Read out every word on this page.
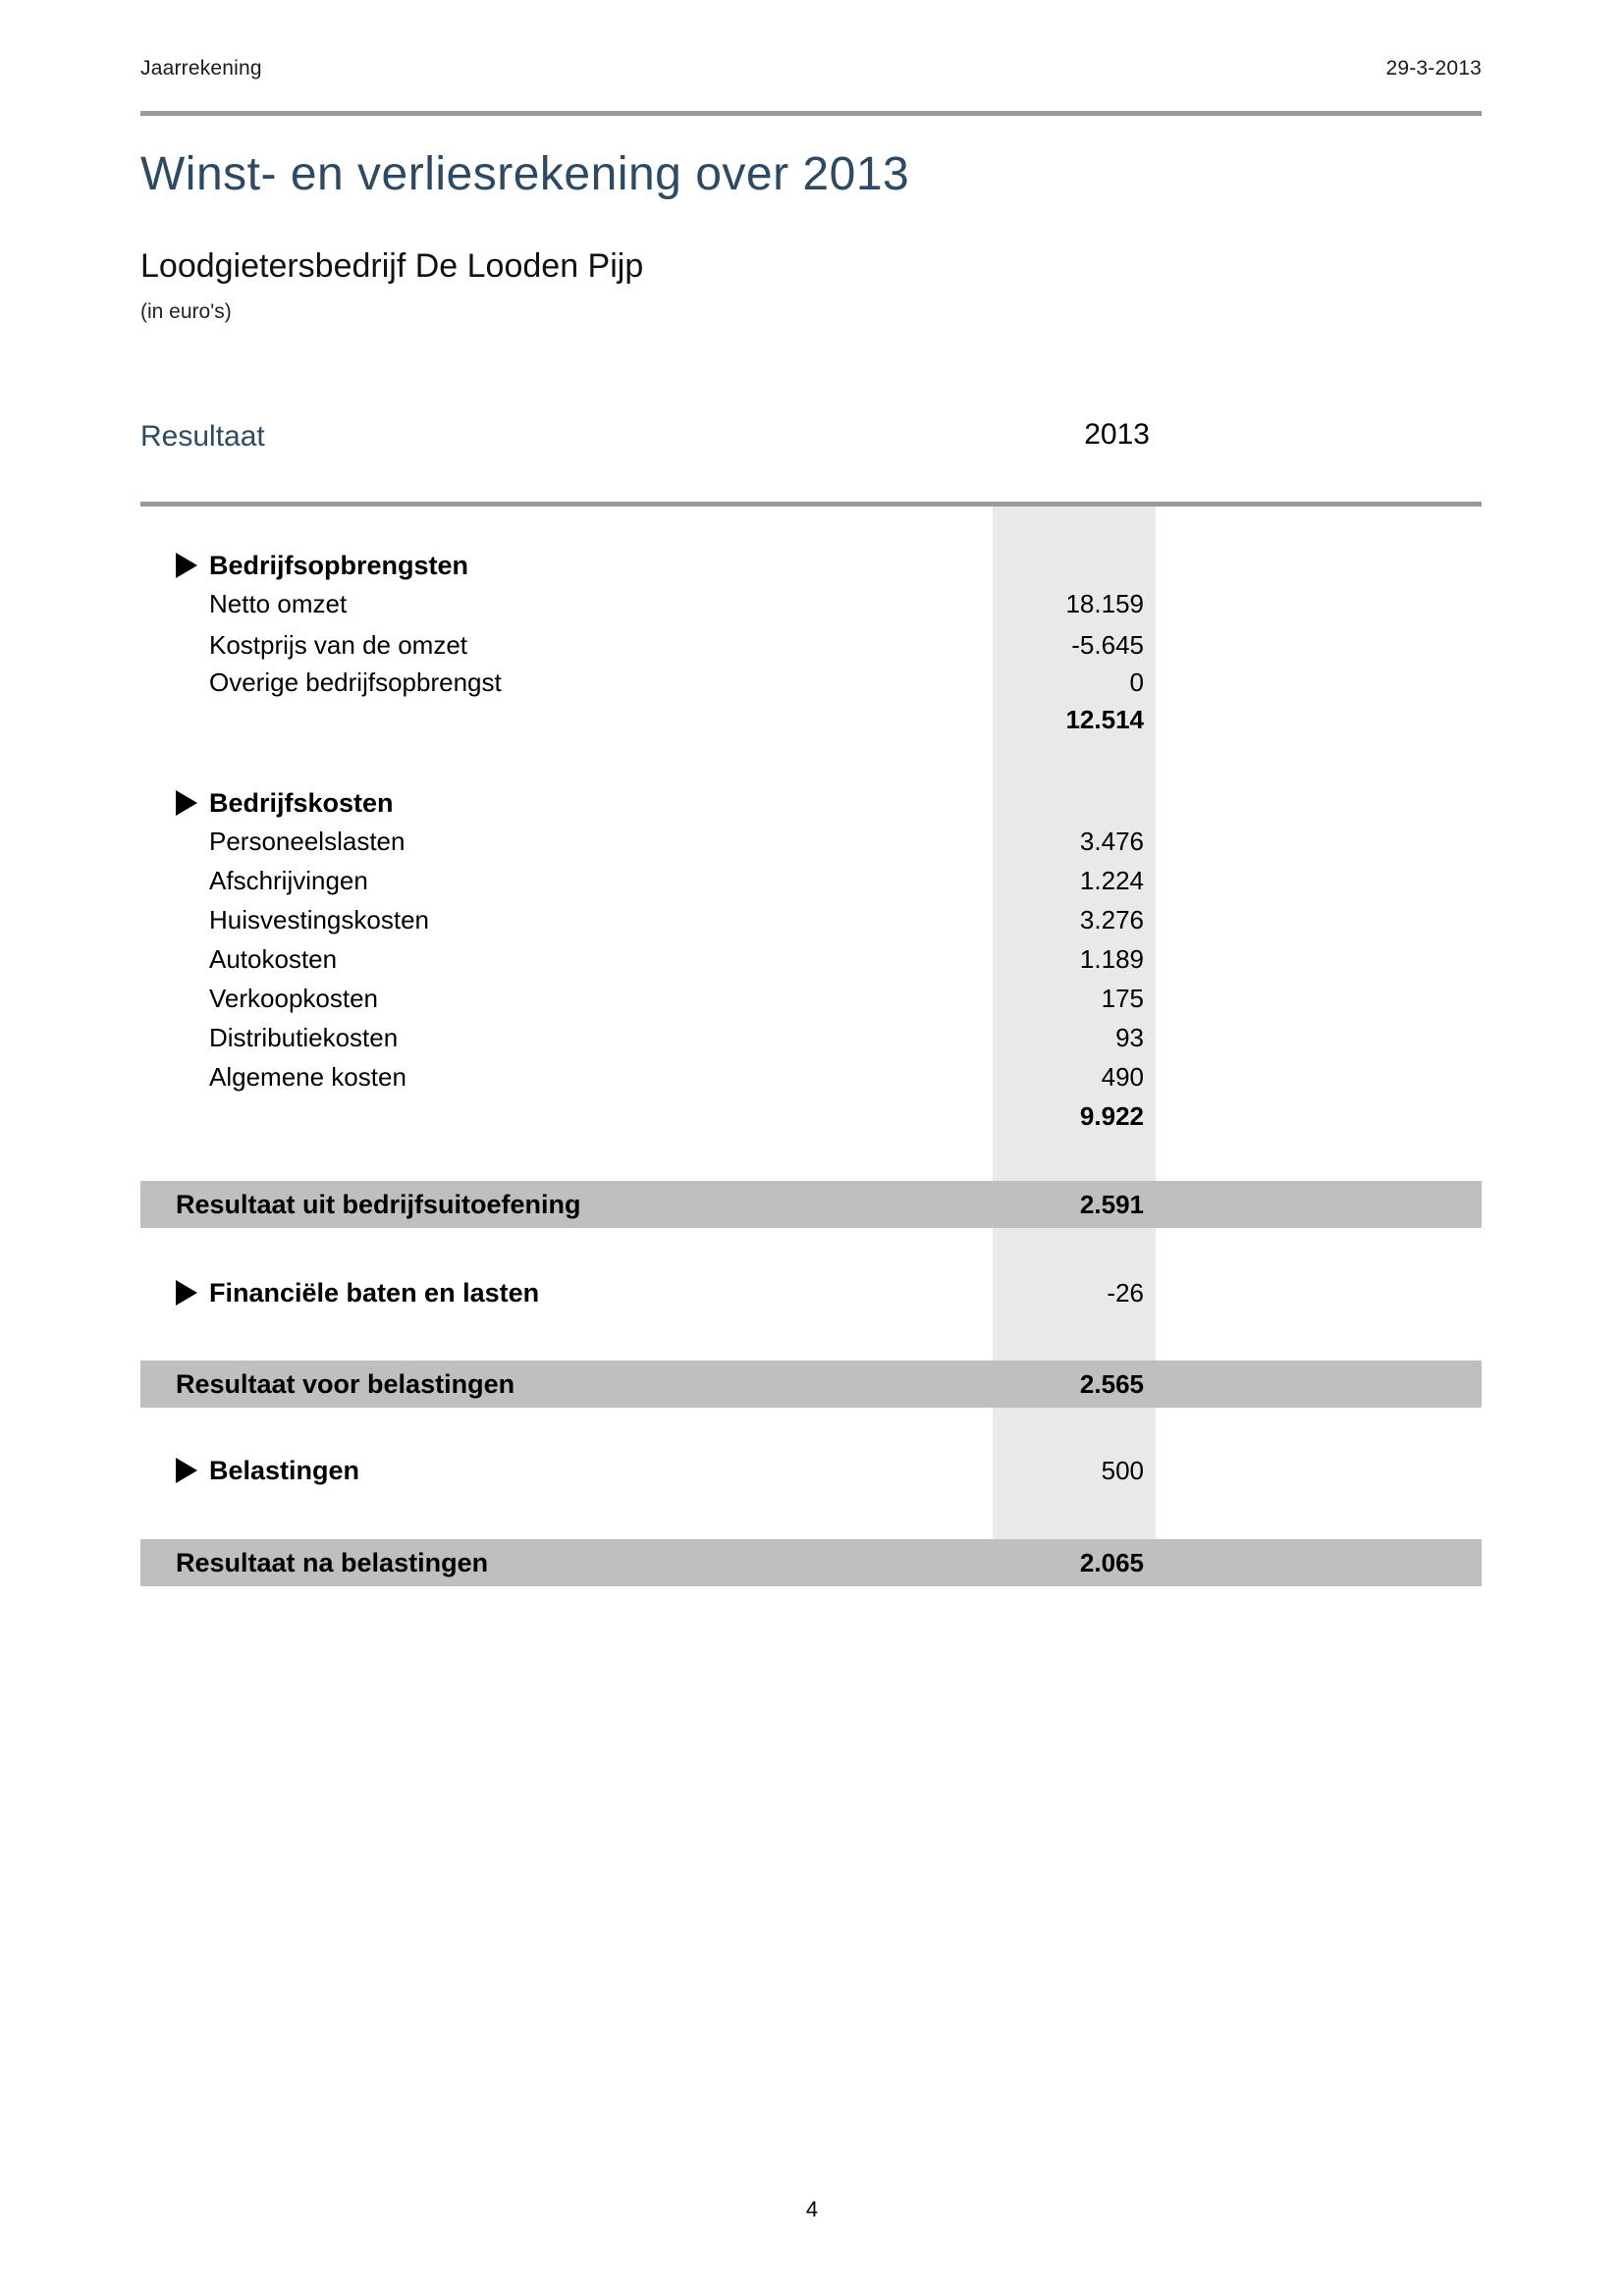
Jaarrekening	29-3-2013
Winst- en verliesrekening over 2013
Loodgietersbedrijf De Looden Pijp
(in euro's)
Resultaat	2013
Bedrijfsopbrengsten
Netto omzet	18.159
Kostprijs van de omzet	-5.645
Overige bedrijfsopbrengst	0
12.514
Bedrijfskosten
Personeelslasten	3.476
Afschrijvingen	1.224
Huisvestingskosten	3.276
Autokosten	1.189
Verkoopkosten	175
Distributiekosten	93
Algemene kosten	490
9.922
Resultaat uit bedrijfsuitoefening	2.591
Financiële baten en lasten	-26
Resultaat voor belastingen	2.565
Belastingen	500
Resultaat na belastingen	2.065
4
